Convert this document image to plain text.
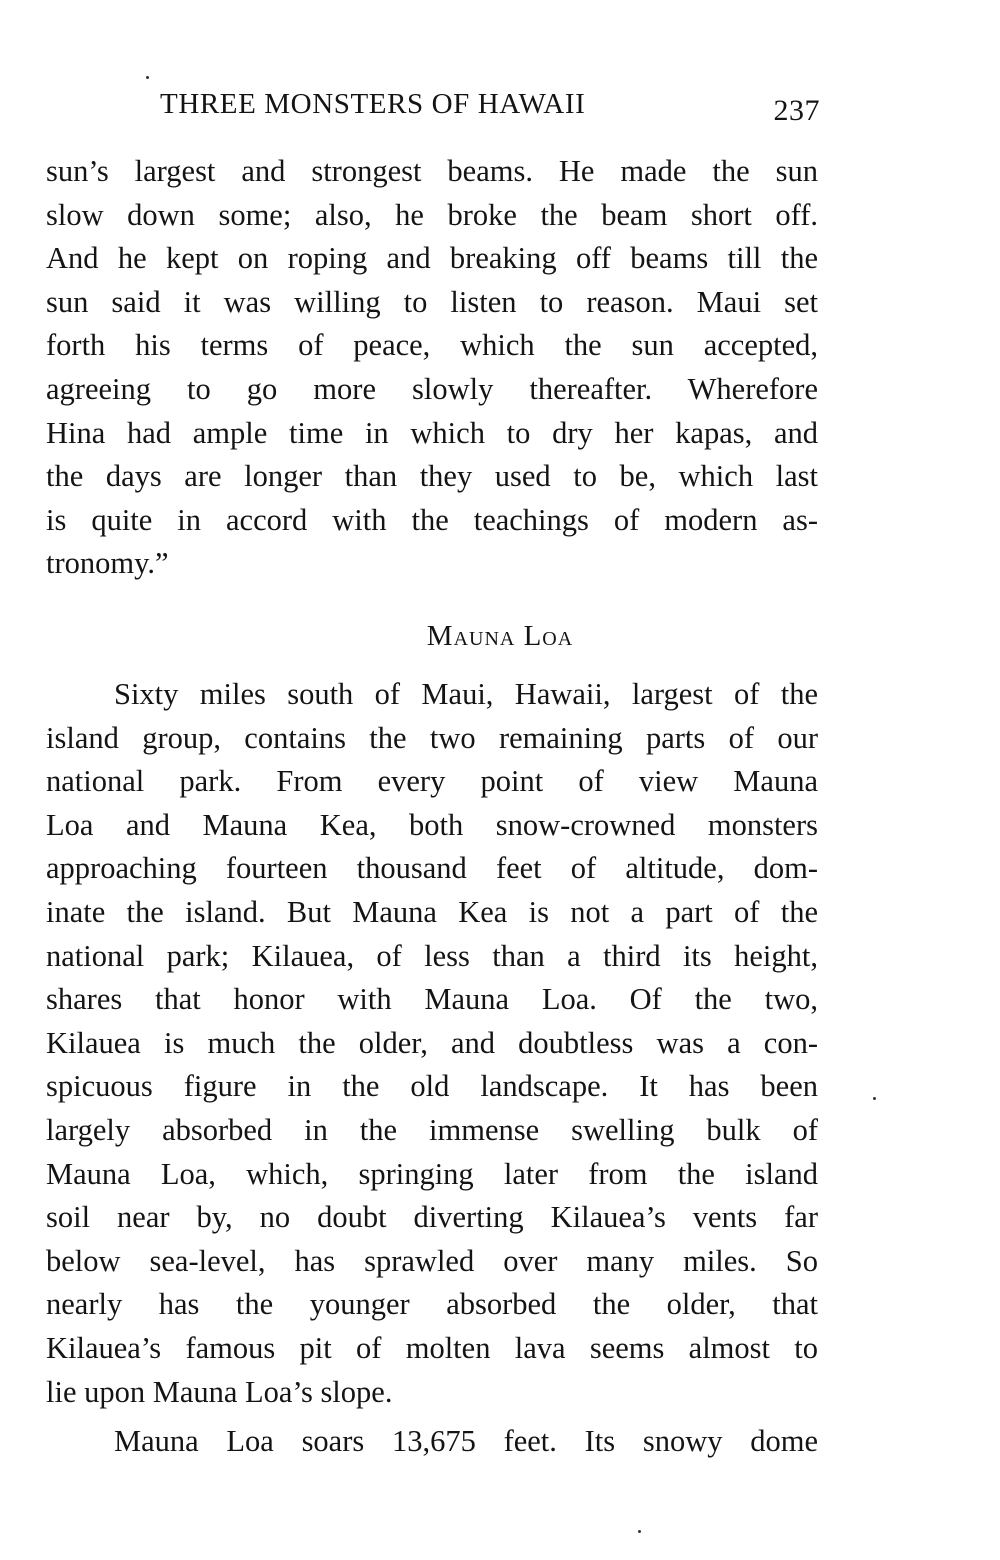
THREE MONSTERS OF HAWAII	237
sun’s largest and strongest beams. He made the sun
slow down some; also, he broke the beam short off.
And he kept on roping and breaking off beams till the
sun said it was willing to listen to reason. Maui set
forth his terms of peace, which the sun accepted,
agreeing to go more slowly thereafter. Wherefore
Hina had ample time in which to dry her kapas, and
the days are longer than they used to be, which last
is quite in accord with the teachings of modern as-
tronomy.”
Mauna Loa
Sixty miles south of Maui, Hawaii, largest of the
island group, contains the two remaining parts of our
national park. From every point of view Mauna
Loa and Mauna Kea, both snow-crowned monsters
approaching fourteen thousand feet of altitude, dom-
inate the island. But Mauna Kea is not a part of the
national park; Kilauea, of less than a third its height,
shares that honor with Mauna Loa. Of the two,
Kilauea is much the older, and doubtless was a con-
spicuous figure in the old landscape. It has been
largely absorbed in the immense swelling bulk of
Mauna Loa, which, springing later from the island
soil near by, no doubt diverting Kilauea’s vents far
below sea-level, has sprawled over many miles. So
nearly has the younger absorbed the older, that
Kilauea’s famous pit of molten lava seems almost to
lie upon Mauna Loa’s slope.
Mauna Loa soars 13,675 feet. Its snowy dome
